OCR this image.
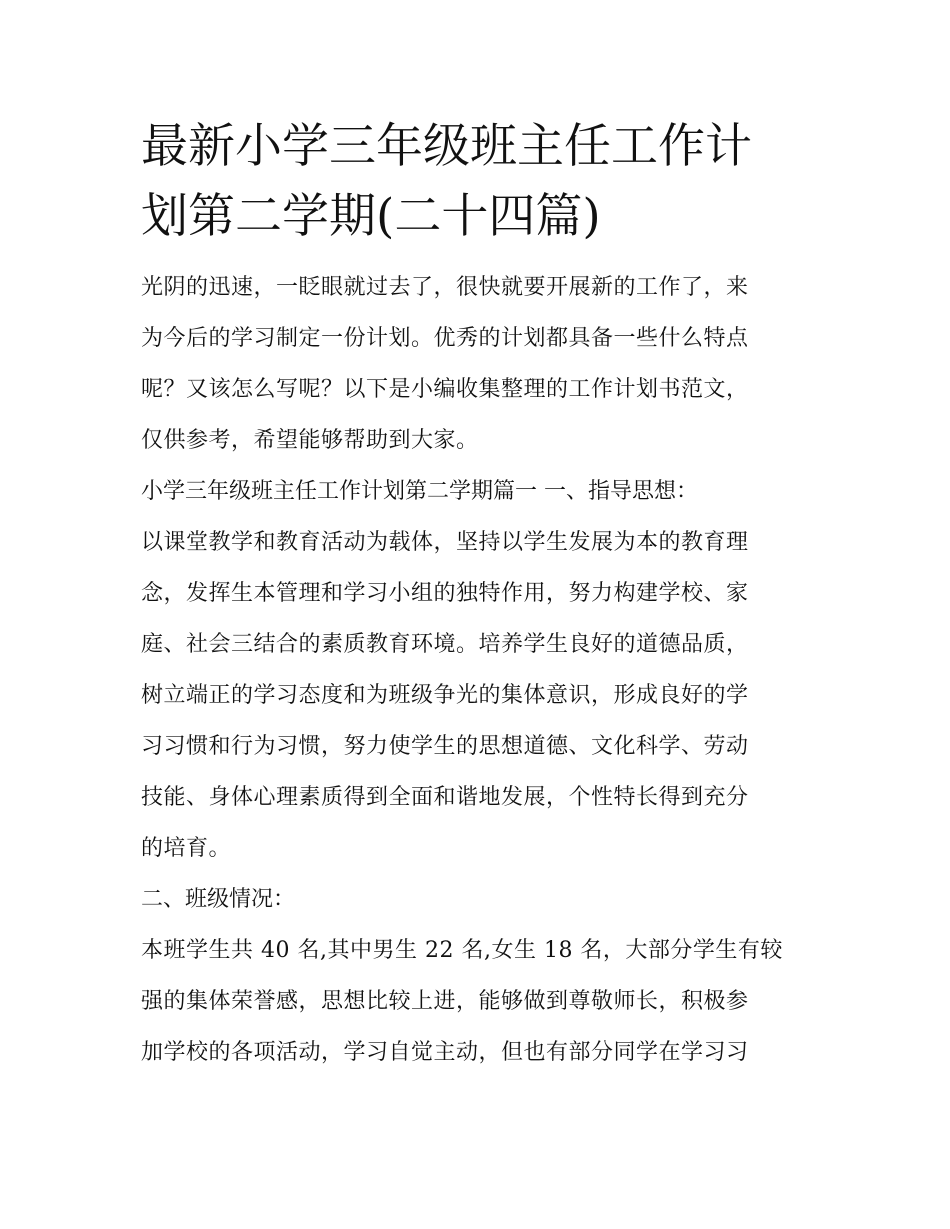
最新小学三年级班主任工作计
划第二学期(二十四篇)

光阴的迅速，一眨眼就过去了，很快就要开展新的工作了，来
为今后的学习制定一份计划。优秀的计划都具备一些什么特点
呢？又该怎么写呢？以下是小编收集整理的工作计划书范文，
仅供参考，希望能够帮助到大家。

小学三年级班主任工作计划第二学期篇一 一、指导思想：

以课堂教学和教育活动为载体，坚持以学生发展为本的教育理
念，发挥生本管理和学习小组的独特作用，努力构建学校、家
庭、社会三结合的素质教育环境。培养学生良好的道德品质，
树立端正的学习态度和为班级争光的集体意识，形成良好的学
习习惯和行为习惯，努力使学生的思想道德、文化科学、劳动
技能、身体心理素质得到全面和谐地发展，个性特长得到充分
的培育。

二、班级情况：

本班学生共 40 名,其中男生 22 名,女生 18 名，大部分学生有较
强的集体荣誉感，思想比较上进，能够做到尊敬师长，积极参
加学校的各项活动，学习自觉主动，但也有部分同学在学习习
